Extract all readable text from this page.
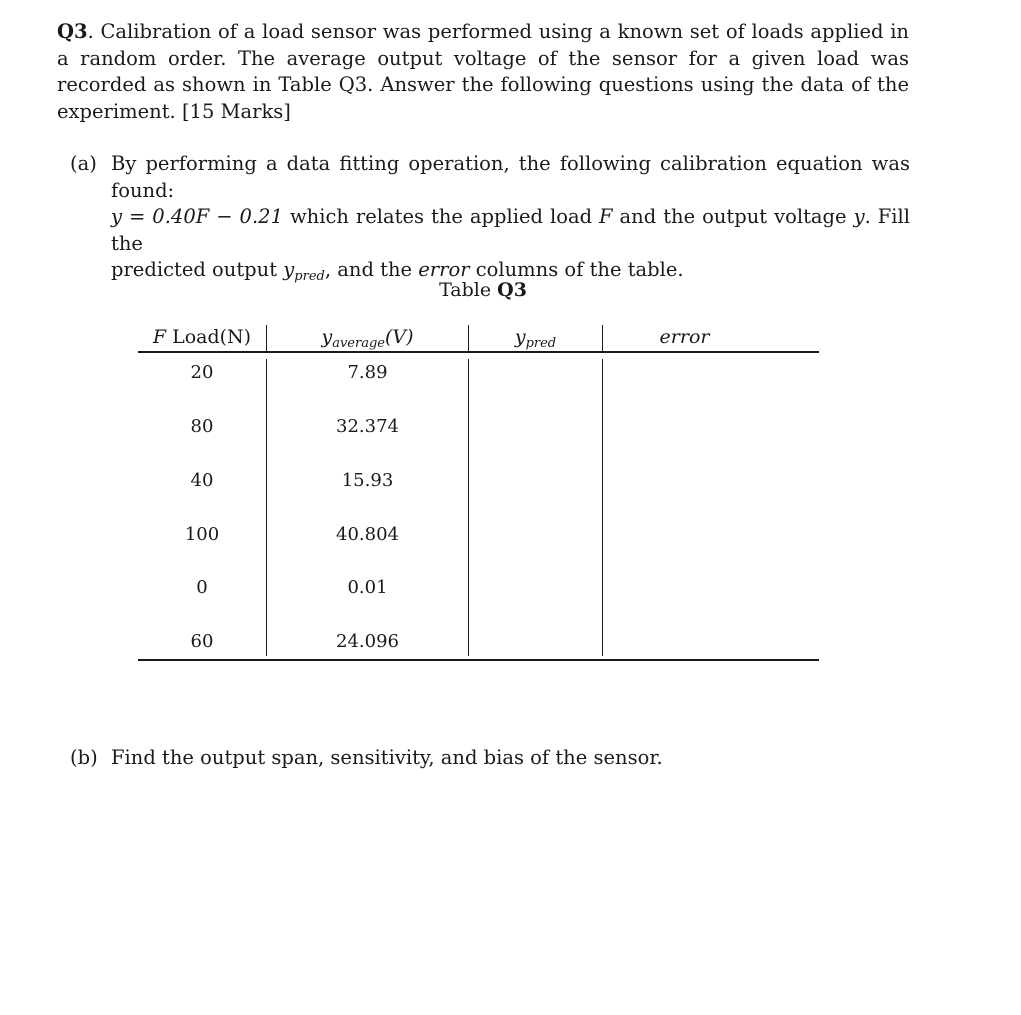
Q3. Calibration of a load sensor was performed using a known set of loads applied in a random order. The average output voltage of the sensor for a given load was recorded as shown in Table Q3. Answer the following questions using the data of the experiment. [15 Marks]
(a) By performing a data fitting operation, the following calibration equation was found:
y = 0.40F − 0.21 which relates the applied load F and the output voltage y. Fill the
predicted output $y_{pred}$, and the error columns of the table.
Table Q3
F Load(N)	$y_{average}(V)$	$y_{pred}$	error
20	7.89
80	32.374
40	15.93
100	40.804
0	0.01
60	24.096
(b) Find the output span, sensitivity, and bias of the sensor.
